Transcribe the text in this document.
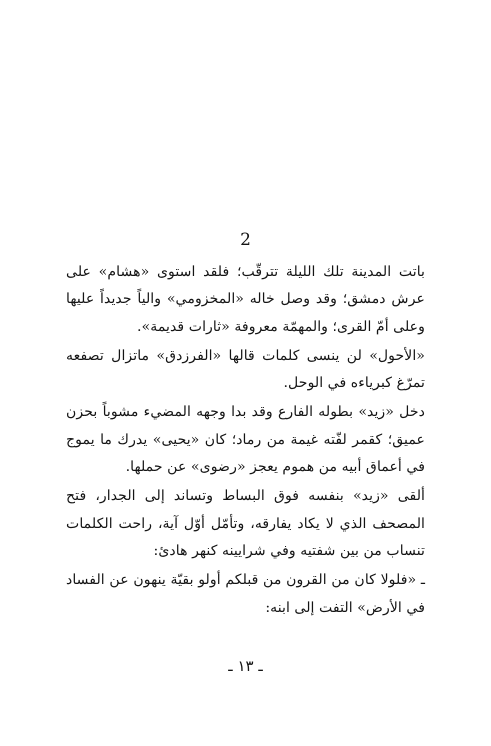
2

باتت المدينة تلك الليلة تترقّب؛ فلقد استوى «هشام» على عرش دمشق؛ وقد وصل خاله «المخزومي» والياً جديداً عليها وعلى أمّ القرى؛ والمهمّة معروفة «ثارات قديمة».

«الأحول» لن ينسى كلمات قالها «الفرزدق» ماتزال تصفعه تمرّغ كبرياءه في الوحل.

دخل «زيد» بطوله الفارع وقد بدا وجهه المضيء مشوباً بحزن عميق؛ كقمر لفّته غيمة من رماد؛ كان «يحيى» يدرك ما يموج في أعماق أبيه من هموم يعجز «رضوى» عن حملها.

ألقى «زيد» بنفسه فوق البساط وتساند إلى الجدار، فتح المصحف الذي لا يكاد يفارقه، وتأمّل أوّل آية، راحت الكلمات تنساب من بين شفتيه وفي شرايينه كنهر هادئ:

ـ «فلولا كان من القرون من قبلكم أولو بقيّة ينهون عن الفساد في الأرض» التفت إلى ابنه:

ـ ١٣ ـ
